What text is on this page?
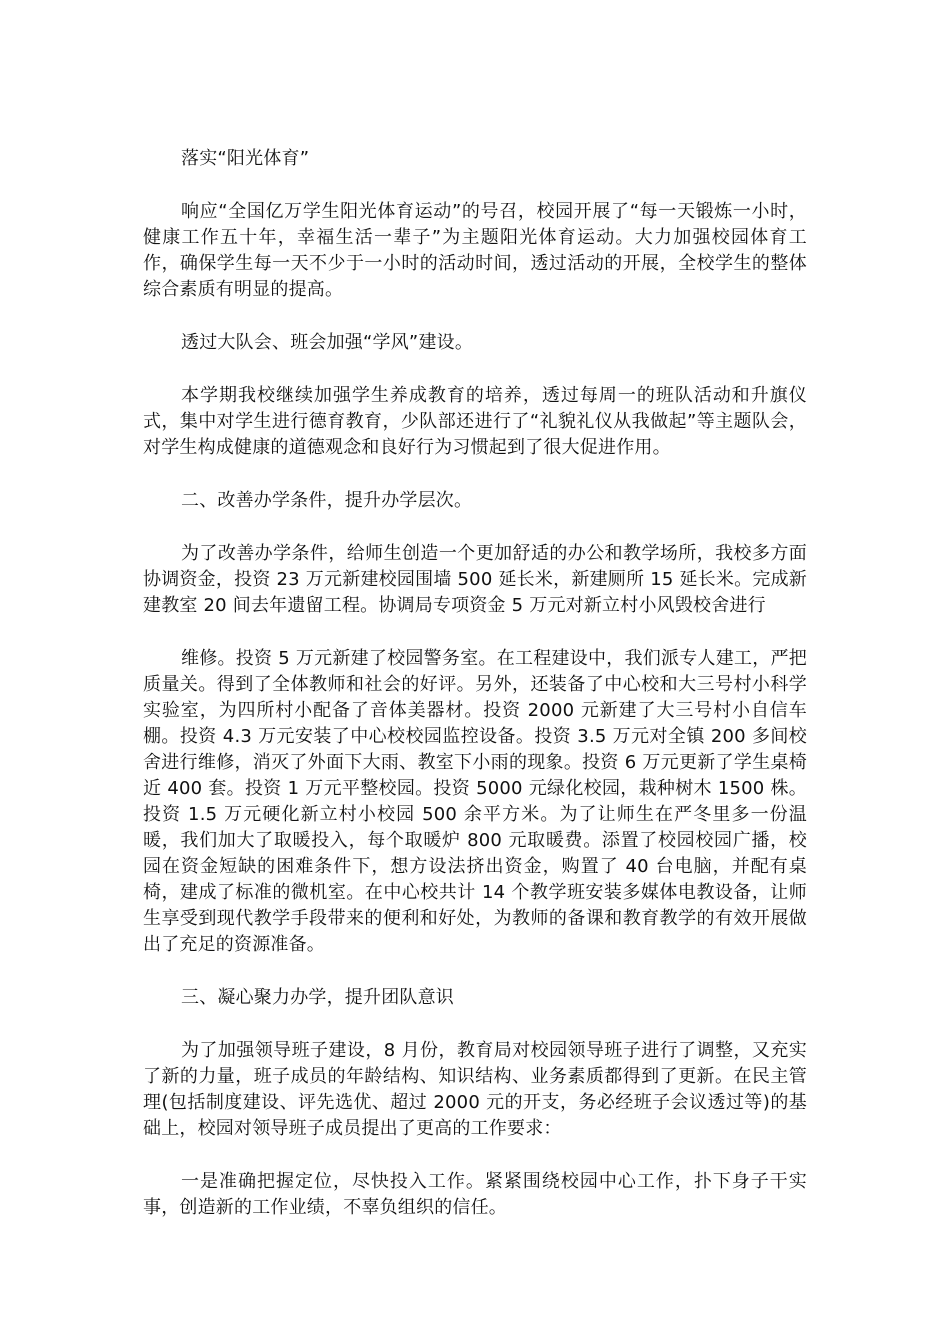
落实“阳光体育”

响应“全国亿万学生阳光体育运动”的号召，校园开展了“每一天锻炼一小时，健康工作五十年，幸福生活一辈子”为主题阳光体育运动。大力加强校园体育工作，确保学生每一天不少于一小时的活动时间，透过活动的开展，全校学生的整体综合素质有明显的提高。

透过大队会、班会加强“学风”建设。

本学期我校继续加强学生养成教育的培养，透过每周一的班队活动和升旗仪式，集中对学生进行德育教育，少队部还进行了“礼貌礼仪从我做起”等主题队会，对学生构成健康的道德观念和良好行为习惯起到了很大促进作用。

二、改善办学条件，提升办学层次。

为了改善办学条件，给师生创造一个更加舒适的办公和教学场所，我校多方面协调资金，投资 23 万元新建校园围墙 500 延长米，新建厕所 15 延长米。完成新建教室 20 间去年遗留工程。协调局专项资金 5 万元对新立村小风毁校舍进行

维修。投资 5 万元新建了校园警务室。在工程建设中，我们派专人建工，严把质量关。得到了全体教师和社会的好评。另外，还装备了中心校和大三号村小科学实验室，为四所村小配备了音体美器材。投资 2000 元新建了大三号村小自信车棚。投资 4.3 万元安装了中心校校园监控设备。投资 3.5 万元对全镇 200 多间校舍进行维修，消灭了外面下大雨、教室下小雨的现象。投资 6 万元更新了学生桌椅近 400 套。投资 1 万元平整校园。投资 5000 元绿化校园，栽种树木 1500 株。投资 1.5 万元硬化新立村小校园 500 余平方米。为了让师生在严冬里多一份温暖，我们加大了取暖投入，每个取暖炉 800 元取暖费。添置了校园校园广播，校园在资金短缺的困难条件下，想方设法挤出资金，购置了 40 台电脑，并配有桌椅，建成了标准的微机室。在中心校共计 14 个教学班安装多媒体电教设备，让师生享受到现代教学手段带来的便利和好处，为教师的备课和教育教学的有效开展做出了充足的资源准备。

三、凝心聚力办学，提升团队意识

为了加强领导班子建设，8 月份，教育局对校园领导班子进行了调整，又充实了新的力量，班子成员的年龄结构、知识结构、业务素质都得到了更新。在民主管理(包括制度建设、评先选优、超过 2000 元的开支，务必经班子会议透过等)的基础上，校园对领导班子成员提出了更高的工作要求：

一是准确把握定位，尽快投入工作。紧紧围绕校园中心工作，扑下身子干实事，创造新的工作业绩，不辜负组织的信任。
